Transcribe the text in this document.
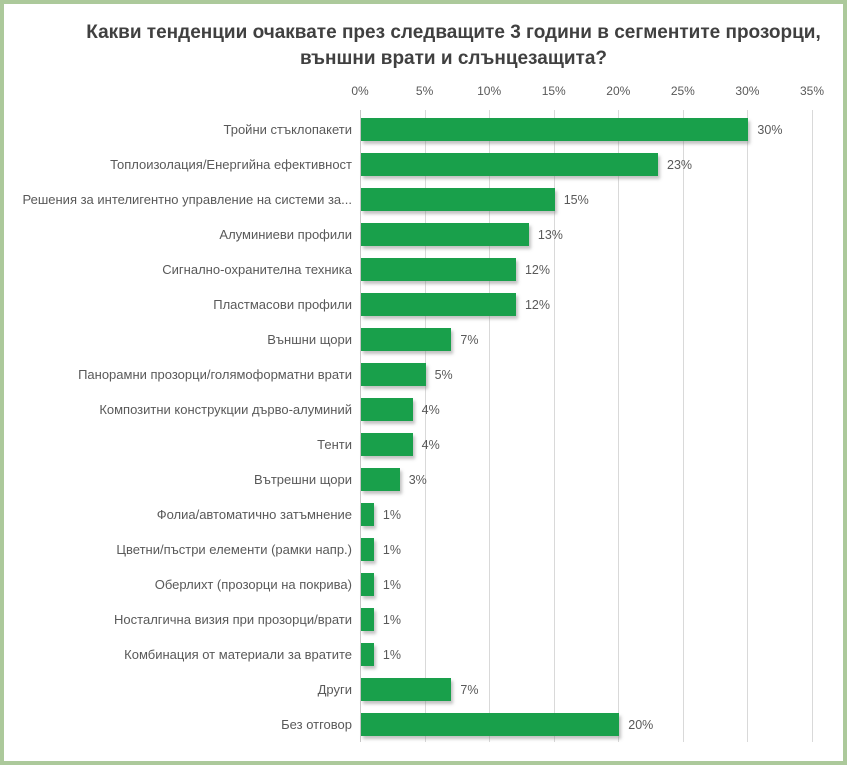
Какви тенденции очаквате през следващите 3 години в сегментите прозорци, външни врати и слънцезащита?
0%	5%	10%	15%	20%	25%	30%	35%
Тройни стъклопакети	30%
Топлоизолация/Енергийна ефективност	23%
Решения за интелигентно управление на системи за...	15%
Алуминиеви профили	13%
Сигнално-охранителна техника	12%
Пластмасови профили	12%
Външни щори	7%
Панорамни прозорци/голямоформатни врати	5%
Композитни конструкции дърво-алуминий	4%
Тенти	4%
Вътрешни щори	3%
Фолиа/автоматично затъмнение 1%
Цветни/пъстри елементи (рамки напр.) 1%
Оберлихт (прозорци на покрива) 1%
Носталгична визия при прозорци/врати 1%
Комбинация от материали за вратите 1%
Други	7%
Без отговор	20%
